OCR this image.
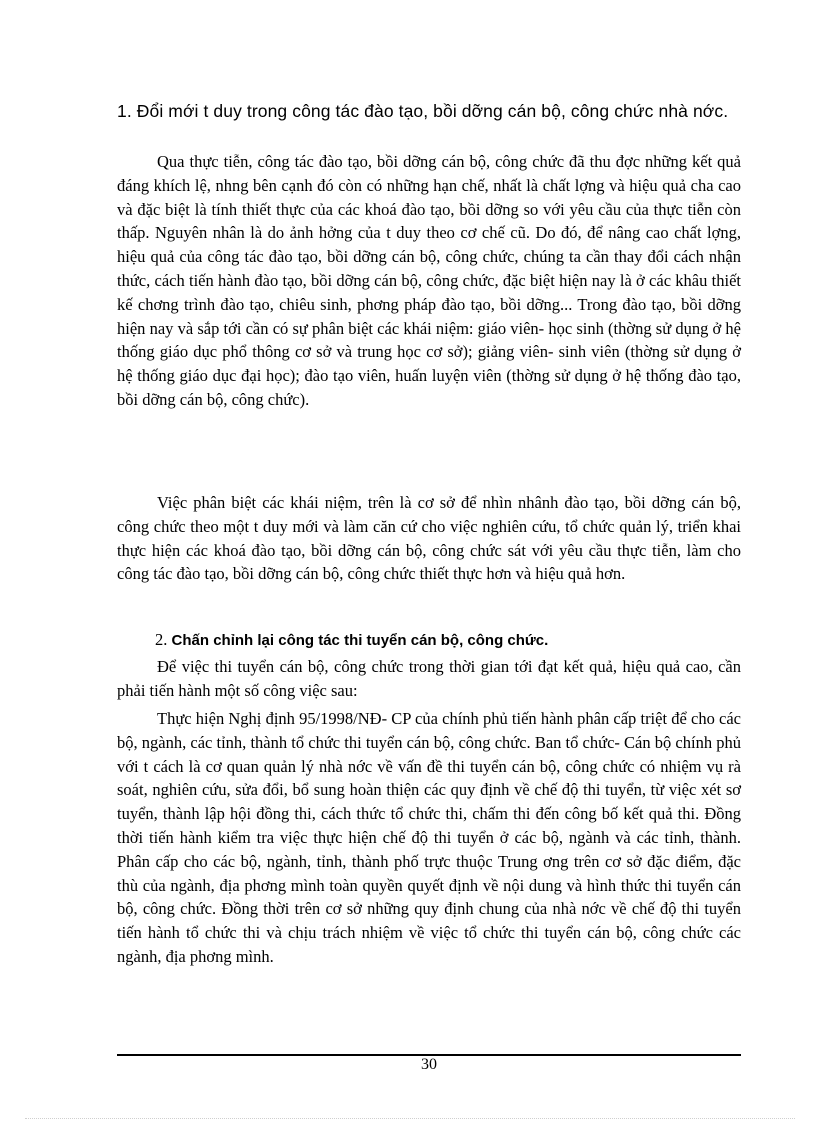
1. Đổi mới t duy trong công tác đào tạo, bồi dỡng cán bộ, công chức nhà nớc.

Qua thực tiễn, công tác đào tạo, bồi dỡng cán bộ, công chức đã thu đợc những kết quả đáng khích lệ, nhng bên cạnh đó còn có những hạn chế, nhất là chất lợng và hiệu quả cha cao và đặc biệt là tính thiết thực của các khoá đào tạo, bồi dỡng so với yêu cầu của thực tiễn còn thấp. Nguyên nhân là do ảnh hởng của t duy theo cơ chế cũ. Do đó, để nâng cao chất lợng, hiệu quả của công tác đào tạo, bồi dỡng cán bộ, công chức, chúng ta cần thay đổi cách nhận thức, cách tiến hành đào tạo, bồi dỡng cán bộ, công chức, đặc biệt hiện nay là ở các khâu thiết kế chơng trình đào tạo, chiêu sinh, phơng pháp đào tạo, bồi dỡng... Trong đào tạo, bồi dỡng hiện nay và sắp tới cần có sự phân biệt các khái niệm: giáo viên- học sinh (thờng sử dụng ở hệ thống giáo dục phổ thông cơ sở và trung học cơ sở); giảng viên- sinh viên (thờng sử dụng ở hệ thống giáo dục đại học); đào tạo viên, huấn luyện viên (thờng sử dụng ở hệ thống đào tạo, bồi dỡng cán bộ, công chức).

Việc phân biệt các khái niệm, trên là cơ sở để nhìn nhânh đào tạo, bồi dỡng cán bộ, công chức theo một t duy mới và làm căn cứ cho việc nghiên cứu, tổ chức quản lý, triển khai thực hiện các khoá đào tạo, bồi dỡng cán bộ, công chức sát với yêu cầu thực tiễn, làm cho công tác đào tạo, bồi dỡng cán bộ, công chức thiết thực hơn và hiệu quả hơn.

2. Chấn chỉnh lại công tác thi tuyển cán bộ, công chức.

Để việc thi tuyển cán bộ, công chức trong thời gian tới đạt kết quả, hiệu quả cao, cần phải tiến hành một số công việc sau:

Thực hiện Nghị định 95/1998/NĐ- CP của chính phủ tiến hành phân cấp triệt để cho các bộ, ngành, các tỉnh, thành tổ chức thi tuyển cán bộ, công chức. Ban tổ chức- Cán bộ chính phủ với t cách là cơ quan quản lý nhà nớc về vấn đề thi tuyển cán bộ, công chức có nhiệm vụ rà soát, nghiên cứu, sửa đổi, bổ sung hoàn thiện các quy định về chế độ thi tuyển, từ việc xét sơ tuyển, thành lập hội đồng thi, cách thức tổ chức thi, chấm thi đến công bố kết quả thi. Đồng thời tiến hành kiểm tra việc thực hiện chế độ thi tuyển ở các bộ, ngành và các tỉnh, thành. Phân cấp cho các bộ, ngành, tỉnh, thành phố trực thuộc Trung ơng trên cơ sở đặc điểm, đặc thù của ngành, địa phơng mình toàn quyền quyết định về nội dung và hình thức thi tuyển cán bộ, công chức. Đồng thời trên cơ sở những quy định chung của nhà nớc về chế độ thi tuyển tiến hành tổ chức thi và chịu trách nhiệm về việc tổ chức thi tuyển cán bộ, công chức các ngành, địa phơng mình.

30
